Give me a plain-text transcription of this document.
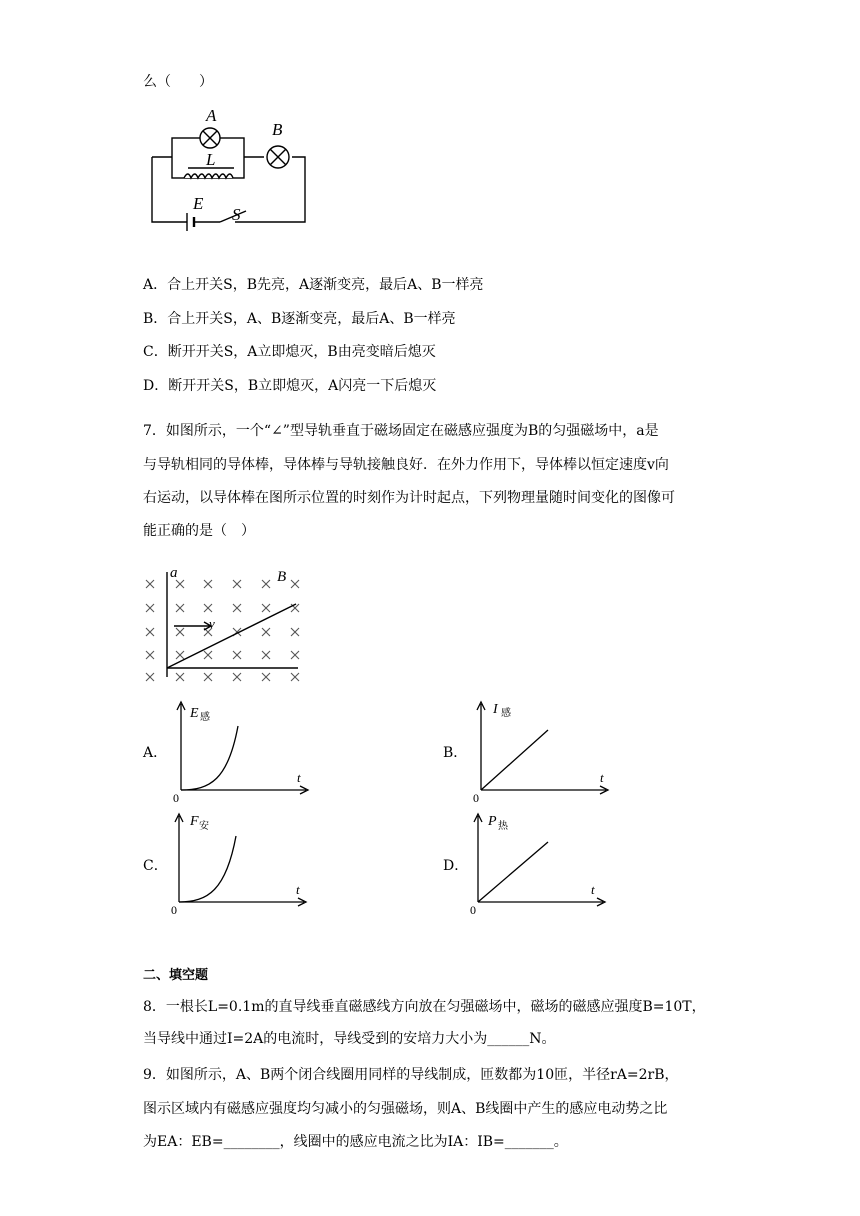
么（　　）
A
B
L
E
S
A．合上开关S，B先亮，A逐渐变亮，最后A、B一样亮
B．合上开关S，A、B逐渐变亮，最后A、B一样亮
C．断开开关S，A立即熄灭，B由亮变暗后熄灭
D．断开开关S，B立即熄灭，A闪亮一下后熄灭
7．如图所示，一个“∠”型导轨垂直于磁场固定在磁感应强度为B的匀强磁场中，a是
与导轨相同的导体棒，导体棒与导轨接触良好．在外力作用下，导体棒以恒定速度v向
右运动，以导体棒在图所示位置的时刻作为计时起点，下列物理量随时间变化的图像可
能正确的是（　）
a	B
v
A．	B．
C．	D．
E 感
t
0
I 感
t
0
F 安
t
0
P 热
t
0
二、填空题
8．一根长L=0.1m的直导线垂直磁感线方向放在匀强磁场中，磁场的磁感应强度B=10T，
当导线中通过I=2A的电流时，导线受到的安培力大小为______N。
9．如图所示，A、B两个闭合线圈用同样的导线制成，匝数都为10匝，半径rA=2rB，
图示区域内有磁感应强度均匀减小的匀强磁场，则A、B线圈中产生的感应电动势之比
为EA：EB=________，线圈中的感应电流之比为IA：IB=_______。
